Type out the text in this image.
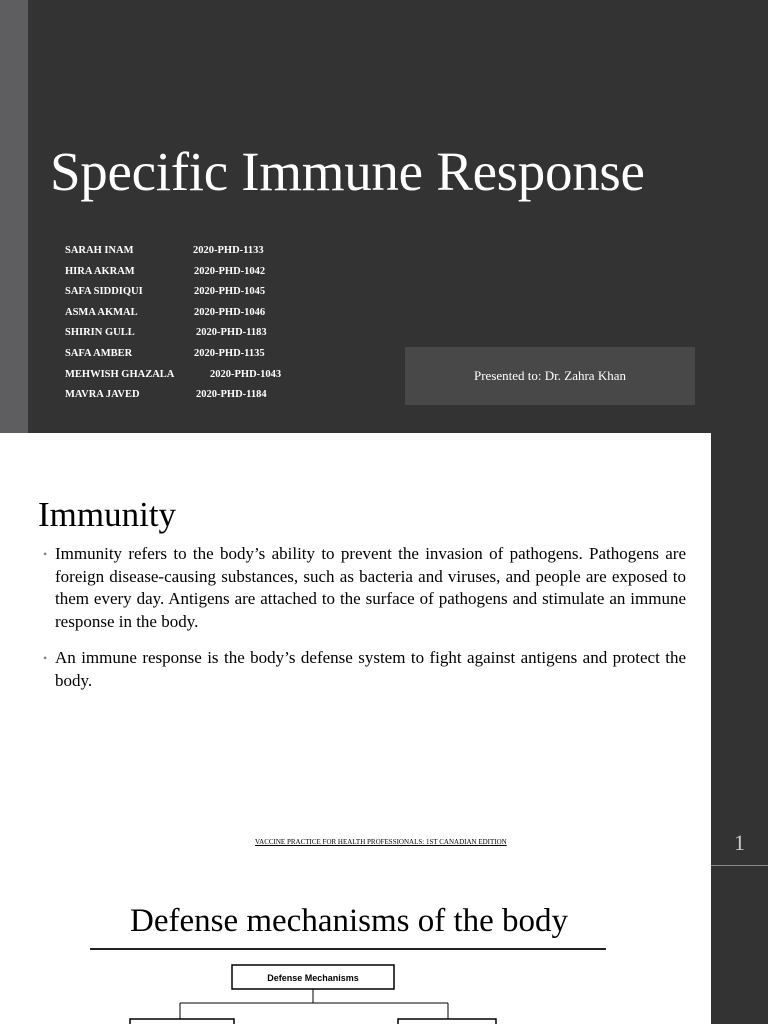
Specific Immune Response
SARAH INAM	2020-PHD-1133
HIRA AKRAM	2020-PHD-1042
SAFA SIDDIQUI	2020-PHD-1045
ASMA AKMAL	2020-PHD-1046
SHIRIN GULL	2020-PHD-1183
SAFA AMBER	2020-PHD-1135
MEHWISH GHAZALA	2020-PHD-1043
MAVRA JAVED	2020-PHD-1184
Presented to: Dr. Zahra Khan
1
Immunity
• Immunity refers to the body’s ability to prevent the invasion of pathogens. Pathogens are foreign disease-causing substances, such as bacteria and viruses, and people are exposed to them every day. Antigens are attached to the surface of pathogens and stimulate an immune response in the body.
• An immune response is the body’s defense system to fight against antigens and protect the body.
VACCINE PRACTICE FOR HEALTH PROFESSIONALS: 1ST CANADIAN EDITION
Defense mechanisms of the body
Defense Mechanisms
